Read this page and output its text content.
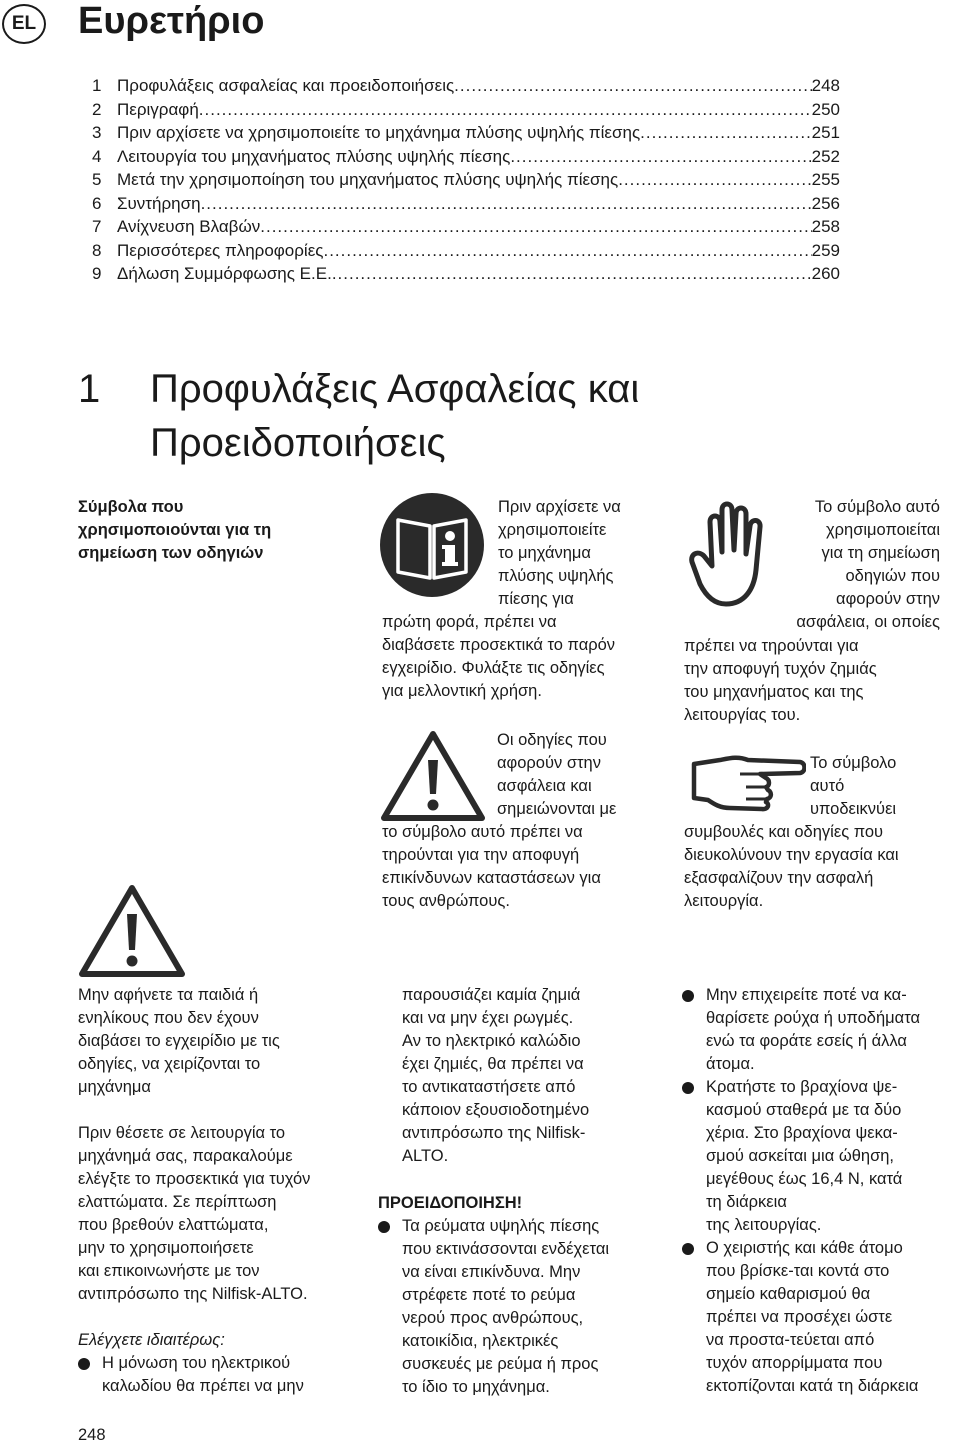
EL Ευρετήριο
1 Προφυλάξεις ασφαλείας και προειδοποιήσεις .....	248
2 Περιγραφή .....	250
3 Πριν αρχίσετε να χρησιμοποιείτε το μηχάνημα πλύσης υψηλής πίεσης .....	251
4 Λειτουργία του μηχανήματος πλύσης υψηλής πίεσης .....	252
5 Μετά την χρησιμοποίηση του μηχανήματος πλύσης υψηλής πίεσης .....	255
6 Συντήρηση .....	256
7 Ανίχνευση Βλαβών .....	258
8 Περισσότερες πληροφορίες .....	259
9 Δήλωση Συμμόρφωσης Ε.Ε. .....	260
1 Προφυλάξεις Ασφαλείας και
Προειδοποιήσεις
Σύμβολα που
χρησιμοποιούνται για τη
σημείωση των οδηγιών
Πριν αρχίσετε να
χρησιμοποιείτε
το μηχάνημα
πλύσης υψηλής
πίεσης για
πρώτη φορά, πρέπει να
διαβάσετε προσεκτικά το παρόν
εγχειρίδιο. Φυλάξτε τις οδηγίες
για μελλοντική χρήση.
Οι οδηγίες που
αφορούν στην
ασφάλεια και
σημειώνονται με
το σύμβολο αυτό πρέπει να
τηρούνται για την αποφυγή
επικίνδυνων καταστάσεων για
τους ανθρώπους.
Το σύμβολο αυτό
χρησιμοποιείται
για τη σημείωση
οδηγιών που
αφορούν στην
ασφάλεια, οι οποίες
πρέπει να τηρούνται για
την αποφυγή τυχόν ζημιάς
του μηχανήματος και της
λειτουργίας του.
Το σύμβολο
αυτό
υποδεικνύει
συμβουλές και οδηγίες που
διευκολύνουν την εργασία και
εξασφαλίζουν την ασφαλή
λειτουργία.
Μην αφήνετε τα παιδιά ή
ενηλίκους που δεν έχουν
διαβάσει το εγχειρίδιο με τις
οδηγίες, να χειρίζονται το
μηχάνημα
Πριν θέσετε σε λειτουργία το
μηχάνημά σας, παρακαλούμε
ελέγξτε το προσεκτικά για τυχόν
ελαττώματα. Σε περίπτωση
που βρεθούν ελαττώματα,
μην το χρησιμοποιήσετε
και επικοινωνήστε με τον
αντιπρόσωπο της Nilfisk-ALTO.
Ελέγχετε ιδιαιτέρως:
Η μόνωση του ηλεκτρικού
καλωδίου θα πρέπει να μην
παρουσιάζει καμία ζημιά
και να μην έχει ρωγμές.
Αν το ηλεκτρικό καλώδιο
έχει ζημιές, θα πρέπει να
το αντικαταστήσετε από
κάποιον εξουσιοδοτημένο
αντιπρόσωπο της Nilfisk-
ALTO.
ΠΡΟΕΙΔΟΠΟΙΗΣΗ!
Τα ρεύματα υψηλής πίεσης
που εκτινάσσονται ενδέχεται
να είναι επικίνδυνα. Μην
στρέφετε ποτέ το ρεύμα
νερού προς ανθρώπους,
κατοικίδια, ηλεκτρικές
συσκευές με ρεύμα ή προς
το ίδιο το μηχάνημα.
Μην επιχειρείτε ποτέ να κα-
θαρίσετε ρούχα ή υποδήματα
ενώ τα φοράτε εσείς ή άλλα
άτομα.
Κρατήστε το βραχίονα ψε-
κασμού σταθερά με τα δύο
χέρια. Στο βραχίονα ψεκα-
σμού ασκείται μια ώθηση,
μεγέθους έως 16,4 N, κατά
τη διάρκεια
της λειτουργίας.
Ο χειριστής και κάθε άτομο
που βρίσκε-ται κοντά στο
σημείο καθαρισμού θα
πρέπει να προσέχει ώστε
να προστα-τεύεται από
τυχόν απορρίμματα που
εκτοπίζονται κατά τη διάρκεια
248
